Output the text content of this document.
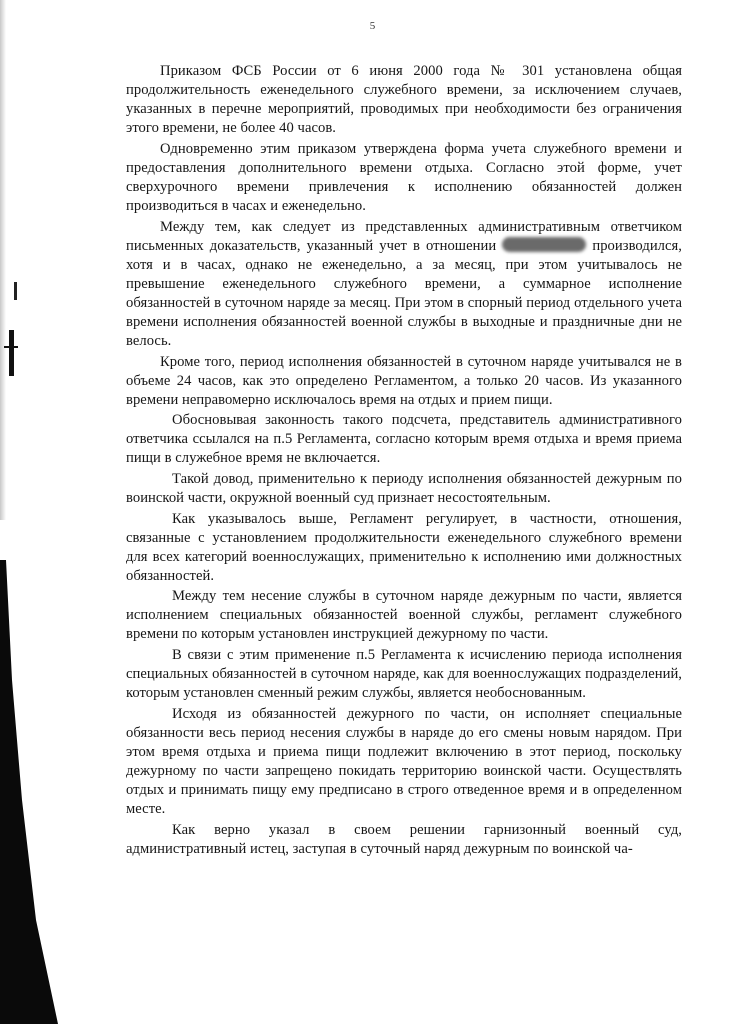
5

Приказом ФСБ России от 6 июня 2000 года № 301 установлена общая продолжительность еженедельного служебного времени, за исключением случаев, указанных в перечне мероприятий, проводимых при необходимости без ограничения этого времени, не более 40 часов.

Одновременно этим приказом утверждена форма учета служебного времени и предоставления дополнительного времени отдыха. Согласно этой форме, учет сверхурочного времени привлечения к исполнению обязанностей должен производиться в часах и еженедельно.

Между тем, как следует из представленных административным ответчиком письменных доказательств, указанный учет в отношении	производился, хотя и в часах, однако не еженедельно, а за месяц, при этом учитывалось не превышение еженедельного служебного времени, а суммарное исполнение обязанностей в суточном наряде за месяц. При этом в спорный период отдельного учета времени исполнения обязанностей военной службы в выходные и праздничные дни не велось.

Кроме того, период исполнения обязанностей в суточном наряде учитывался не в объеме 24 часов, как это определено Регламентом, а только 20 часов. Из указанного времени неправомерно исключалось время на отдых и прием пищи.

Обосновывая законность такого подсчета, представитель административного ответчика ссылался на п.5 Регламента, согласно которым время отдыха и время приема пищи в служебное время не включается.

Такой довод, применительно к периоду исполнения обязанностей дежурным по воинской части, окружной военный суд признает несостоятельным.

Как указывалось выше, Регламент регулирует, в частности, отношения, связанные с установлением продолжительности еженедельного служебного времени для всех категорий военнослужащих, применительно к исполнению ими должностных обязанностей.

Между тем несение службы в суточном наряде дежурным по части, является исполнением специальных обязанностей военной службы, регламент служебного времени по которым установлен инструкцией дежурному по части.

В связи с этим применение п.5 Регламента к исчислению периода исполнения специальных обязанностей в суточном наряде, как для военнослужащих подразделений, которым установлен сменный режим службы, является необоснованным.

Исходя из обязанностей дежурного по части, он исполняет специальные обязанности весь период несения службы в наряде до его смены новым нарядом. При этом время отдыха и приема пищи подлежит включению в этот период, поскольку дежурному по части запрещено покидать территорию воинской части. Осуществлять отдых и принимать пищу ему предписано в строго отведенное время и в определенном месте.

Как верно указал в своем решении гарнизонный военный суд, административный истец, заступая в суточный наряд дежурным по воинской ча-
